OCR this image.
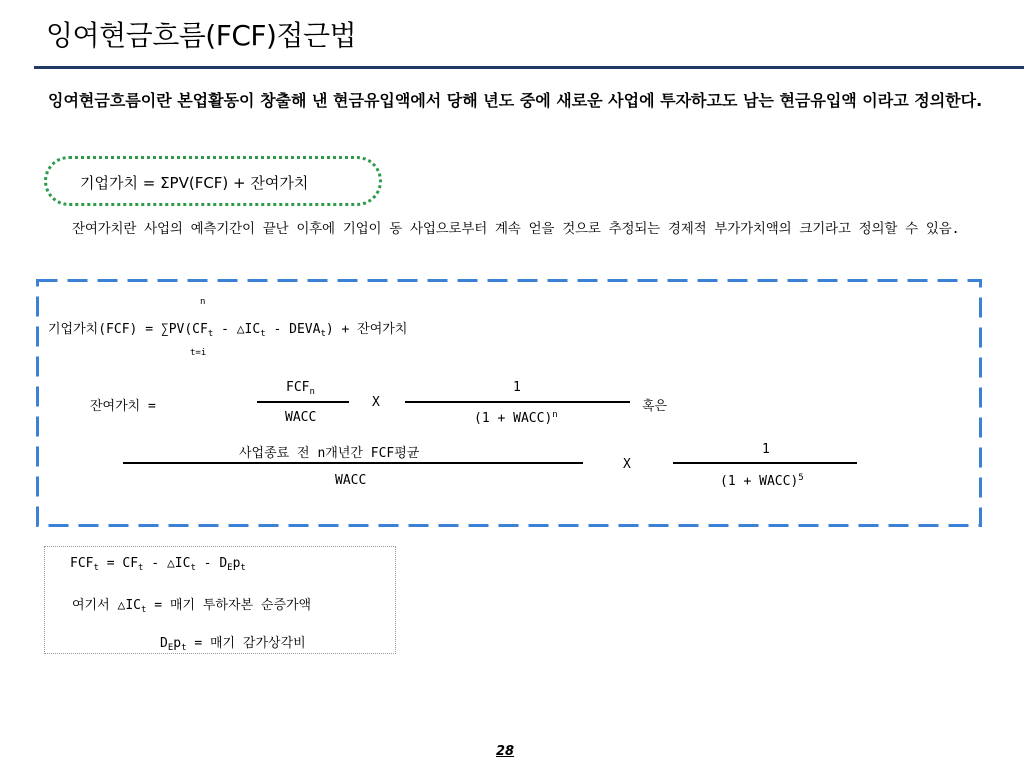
잉여현금흐름(FCF)접근법
잉여현금흐름이란 본업활동이 창출해 낸 현금유입액에서 당해 년도 중에 새로운 사업에 투자하고도 남는 현금유입액 이라고 정의한다.
기업가치 = ΣPV(FCF) + 잔여가치
잔여가치란 사업의 예측기간이 끝난 이후에 기업이 동 사업으로부터 계속 얻을 것으로 추정되는 경제적 부가가치액의 크기라고 정의할 수 있음.
n
기업가치$(FCF) = \sum PV(CF_t$ - $\triangle IC_t$ - $DEVA_t$) + 잔여가치
t=i
잔여가치 =
$FCF_n$
WACC
X
1
(1 + WACC)$^n$
혹은
사업종료 전 n개년간 FCF평균
WACC
X
1
(1 + WACC)$^5$
$FCF_t = CF_t$ - $\triangle IC_t - D_Ep_t$
여기서 $\triangle IC_t$ = 매기 투하자본 순증가액
$D_Ep_t$ = 매기 감가상각비
28
